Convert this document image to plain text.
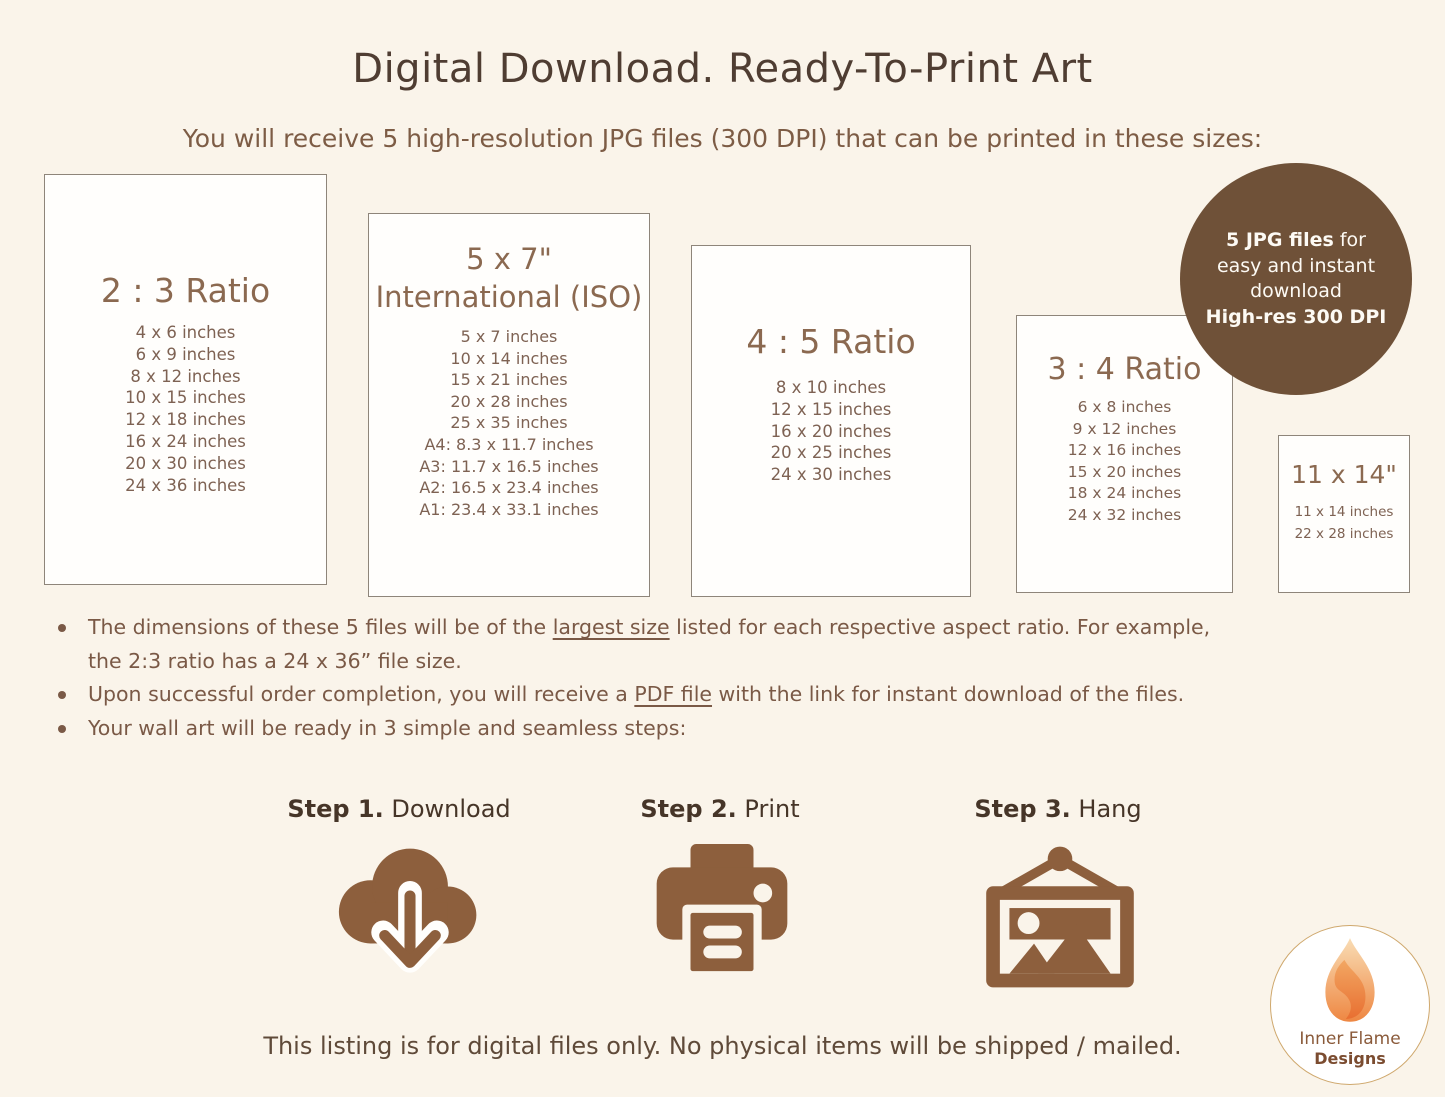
Digital Download. Ready-To-Print Art

You will receive 5 high-resolution JPG files (300 DPI) that can be printed in these sizes:

2 : 3 Ratio
4 x 6 inches
6 x 9 inches
8 x 12 inches
10 x 15 inches
12 x 18 inches
16 x 24 inches
20 x 30 inches
24 x 36 inches
5 x 7" International (ISO)
5 x 7 inches
10 x 14 inches
15 x 21 inches
20 x 28 inches
25 x 35 inches
A4: 8.3 x 11.7 inches
A3: 11.7 x 16.5 inches
A2: 16.5 x 23.4 inches
A1: 23.4 x 33.1 inches
4 : 5 Ratio
8 x 10 inches
12 x 15 inches
16 x 20 inches
20 x 25 inches
24 x 30 inches
3 : 4 Ratio
6 x 8 inches
9 x 12 inches
12 x 16 inches
15 x 20 inches
18 x 24 inches
24 x 32 inches
11 x 14"
11 x 14 inches
22 x 28 inches
5 JPG files for
easy and instant
download
High-res 300 DPI

The dimensions of these 5 files will be of the largest size listed for each respective aspect ratio. For example,
the 2:3 ratio has a 24 x 36” file size.

Upon successful order completion, you will receive a PDF file with the link for instant download of the files.

Your wall art will be ready in 3 simple and seamless steps:

Step 1. Download	Step 2. Print	Step 3. Hang

This listing is for digital files only. No physical items will be shipped / mailed.	Inner Flame

Designs
